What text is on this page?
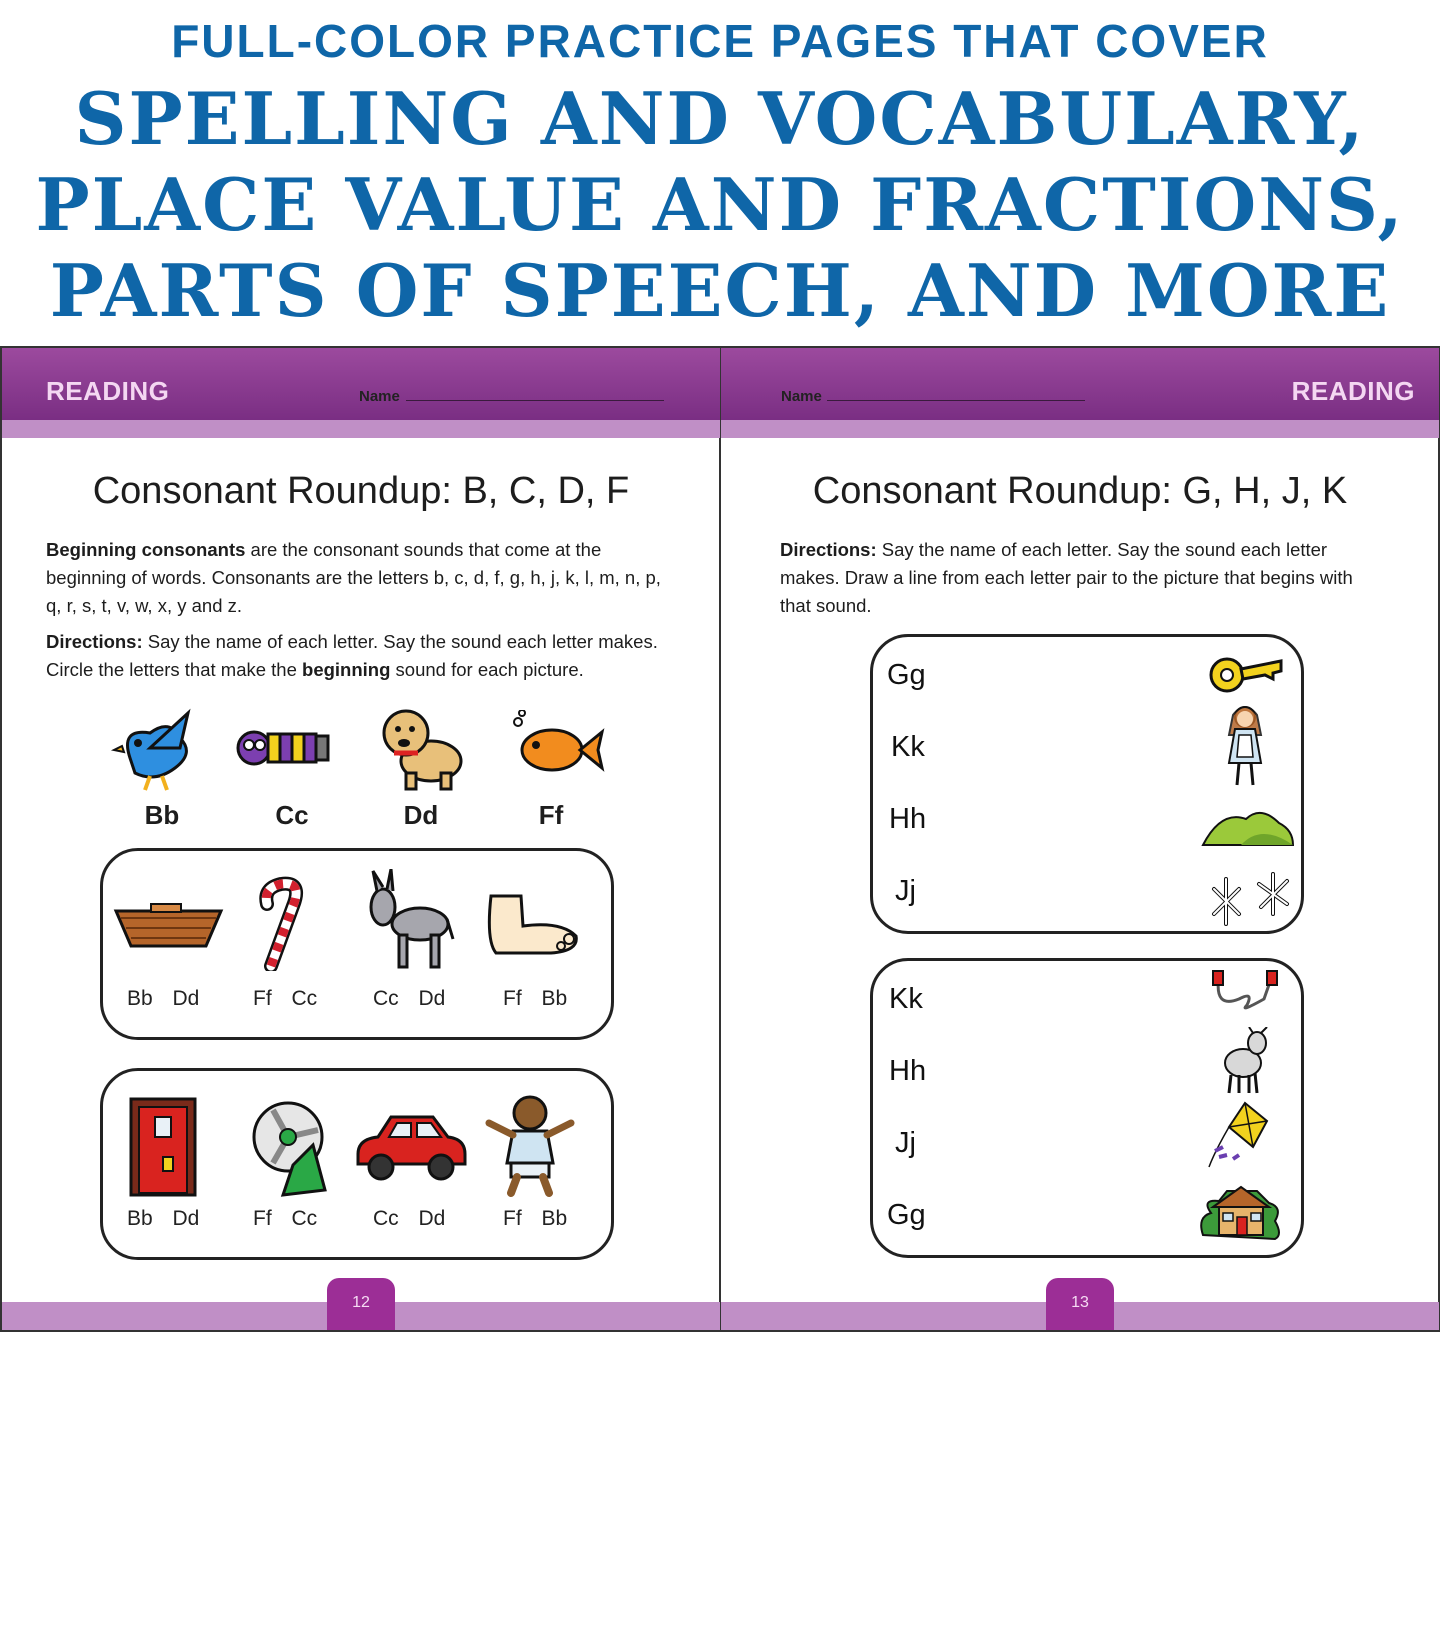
FULL-COLOR PRACTICE PAGES THAT COVER
SPELLING AND VOCABULARY,
PLACE VALUE AND FRACTIONS,
PARTS OF SPEECH, AND MORE
READING	Name
Consonant Roundup: B, C, D, F
Beginning consonants are the consonant sounds that come at the
beginning of words. Consonants are the letters b, c, d, f, g, h, j, k, l, m, n, p,
q, r, s, t, v, w, x, y and z.
Directions: Say the name of each letter. Say the sound each letter makes.
Circle the letters that make the beginning sound for each picture.
Bb	Cc	Dd	Ff
Bb Dd	Ff Cc	Cc Dd	Ff Bb
Bb Dd	Ff Cc	Cc Dd	Ff Bb
12
Name	READING
Consonant Roundup: G, H, J, K
Directions: Say the name of each letter. Say the sound each letter
makes. Draw a line from each letter pair to the picture that begins with
that sound.
Gg
Kk
Hh
Jj
Kk
Hh
Jj
Gg
13
